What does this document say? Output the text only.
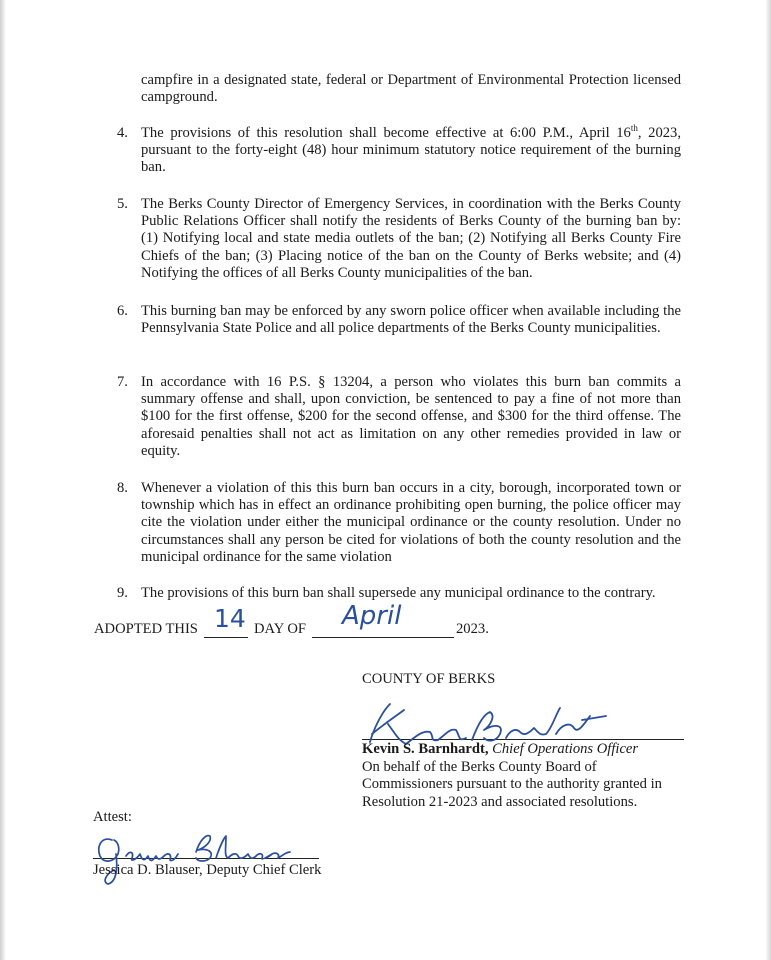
campfire in a designated state, federal or Department of Environmental Protection licensed campground.
4. The provisions of this resolution shall become effective at 6:00 P.M., April 16th, 2023, pursuant to the forty-eight (48) hour minimum statutory notice requirement of the burning ban.
5. The Berks County Director of Emergency Services, in coordination with the Berks County Public Relations Officer shall notify the residents of Berks County of the burning ban by: (1) Notifying local and state media outlets of the ban; (2) Notifying all Berks County Fire Chiefs of the ban; (3) Placing notice of the ban on the County of Berks website; and (4) Notifying the offices of all Berks County municipalities of the ban.
6. This burning ban may be enforced by any sworn police officer when available including the Pennsylvania State Police and all police departments of the Berks County municipalities.
7. In accordance with 16 P.S. § 13204, a person who violates this burn ban commits a summary offense and shall, upon conviction, be sentenced to pay a fine of not more than $100 for the first offense, $200 for the second offense, and $300 for the third offense. The aforesaid penalties shall not act as limitation on any other remedies provided in law or equity.
8. Whenever a violation of this this burn ban occurs in a city, borough, incorporated town or township which has in effect an ordinance prohibiting open burning, the police officer may cite the violation under either the municipal ordinance or the county resolution. Under no circumstances shall any person be cited for violations of both the county resolution and the municipal ordinance for the same violation
9. The provisions of this burn ban shall supersede any municipal ordinance to the contrary.
ADOPTED THIS 14 DAY OF April	2023.
COUNTY OF BERKS
Kevin S. Barnhardt, Chief Operations Officer
On behalf of the Berks County Board of
Commissioners pursuant to the authority granted in
Resolution 21-2023 and associated resolutions.
Attest:
Jessica D. Blauser, Deputy Chief Clerk
